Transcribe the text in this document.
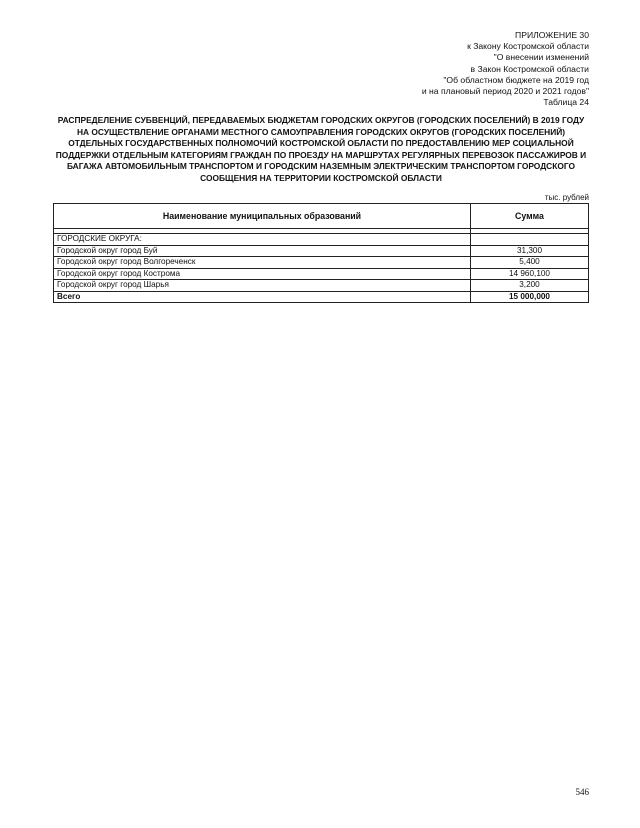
ПРИЛОЖЕНИЕ 30
к Закону Костромской области
"О внесении изменений
в Закон Костромской области
"Об областном бюджете на 2019 год
и на плановый период 2020 и 2021 годов"
Таблица 24
РАСПРЕДЕЛЕНИЕ СУБВЕНЦИЙ, ПЕРЕДАВАЕМЫХ БЮДЖЕТАМ ГОРОДСКИХ ОКРУГОВ (ГОРОДСКИХ ПОСЕЛЕНИЙ) В 2019 ГОДУ НА ОСУЩЕСТВЛЕНИЕ ОРГАНАМИ МЕСТНОГО САМОУПРАВЛЕНИЯ ГОРОДСКИХ ОКРУГОВ (ГОРОДСКИХ ПОСЕЛЕНИЙ) ОТДЕЛЬНЫХ ГОСУДАРСТВЕННЫХ ПОЛНОМОЧИЙ КОСТРОМСКОЙ ОБЛАСТИ ПО ПРЕДОСТАВЛЕНИЮ МЕР СОЦИАЛЬНОЙ ПОДДЕРЖКИ ОТДЕЛЬНЫМ КАТЕГОРИЯМ ГРАЖДАН ПО ПРОЕЗДУ НА МАРШРУТАХ РЕГУЛЯРНЫХ ПЕРЕВОЗОК ПАССАЖИРОВ И БАГАЖА АВТОМОБИЛЬНЫМ ТРАНСПОРТОМ И ГОРОДСКИМ НАЗЕМНЫМ ЭЛЕКТРИЧЕСКИМ ТРАНСПОРТОМ ГОРОДСКОГО СООБЩЕНИЯ НА ТЕРРИТОРИИ КОСТРОМСКОЙ ОБЛАСТИ
тыс. рублей
Наименование муниципальных образований	Сумма

ГОРОДСКИЕ ОКРУГА:	
Городской округ город Буй	31,300
Городской округ город Волгореченск	5,400
Городской округ город Кострома	14 960,100
Городской округ город Шарья	3,200
Всего	15 000,000
546
